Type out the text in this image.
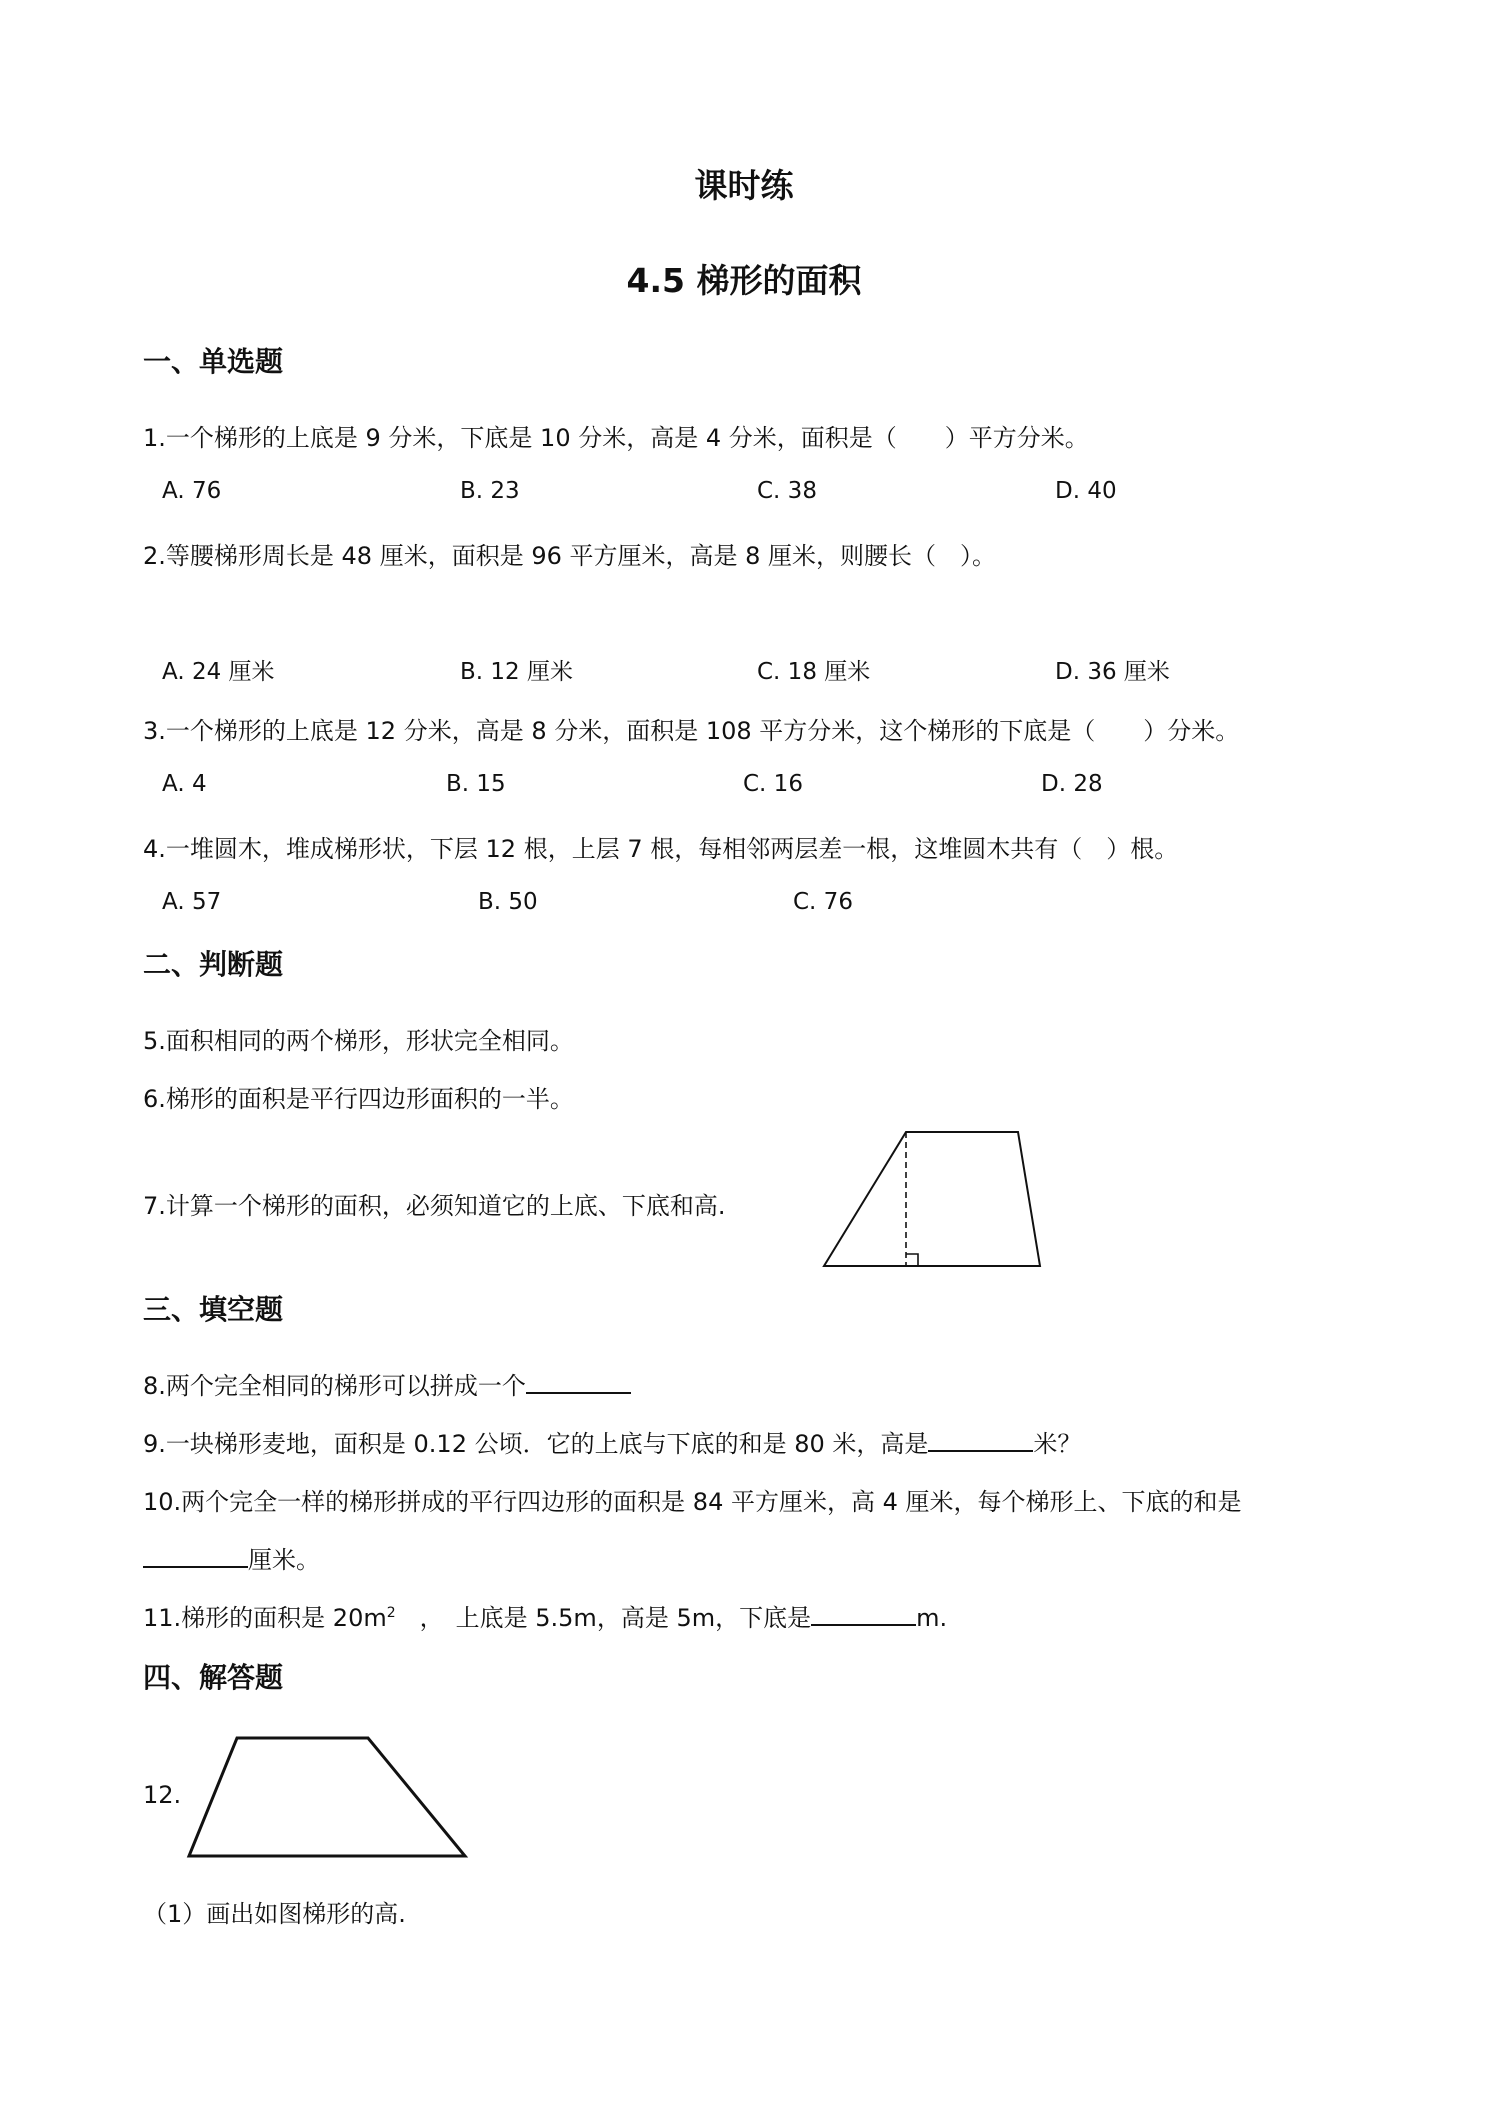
课时练
4.5 梯形的面积
一、单选题
1.一个梯形的上底是 9 分米，下底是 10 分米，高是 4 分米，面积是（　　）平方分米。
A. 76	B. 23	C. 38	D. 40
2.等腰梯形周长是 48 厘米，面积是 96 平方厘米，高是 8 厘米，则腰长（　）。
A. 24 厘米	B. 12 厘米	C. 18 厘米	D. 36 厘米
3.一个梯形的上底是 12 分米，高是 8 分米，面积是 108 平方分米，这个梯形的下底是（　　）分米。
A. 4	B. 15	C. 16	D. 28
4.一堆圆木，堆成梯形状，下层 12 根，上层 7 根，每相邻两层差一根，这堆圆木共有（　）根。
A. 57	B. 50	C. 76
二、判断题
5.面积相同的两个梯形，形状完全相同。
6.梯形的面积是平行四边形面积的一半。
7.计算一个梯形的面积，必须知道它的上底、下底和高.
三、填空题
8.两个完全相同的梯形可以拼成一个
9.一块梯形麦地，面积是 0.12 公顷．它的上底与下底的和是 80 米，高是	米？
10.两个完全一样的梯形拼成的平行四边形的面积是 84 平方厘米，高 4 厘米，每个梯形上、下底的和是
厘米。
11.梯形的面积是 $20m^2$　，　上底是 5.5m，高是 5m，下底是	m.
四、解答题
12.
（1）画出如图梯形的高.
